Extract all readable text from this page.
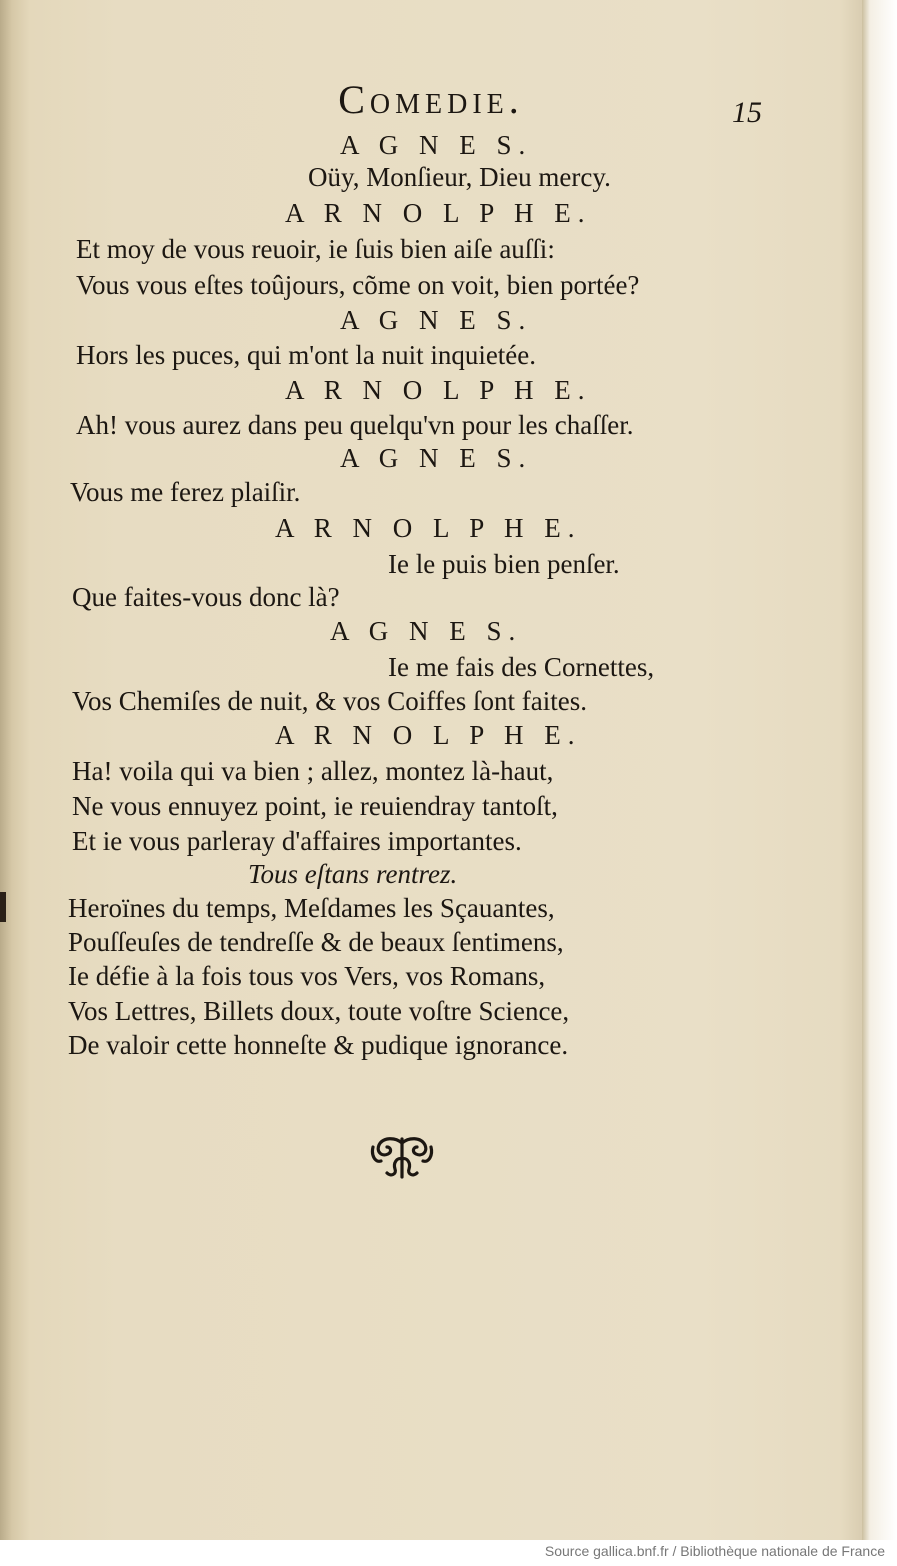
Comedie.	15
A G N E S.
Oüy, Monſieur, Dieu mercy.
A R N O L P H E.
Et moy de vous reuoir, ie ſuis bien aiſe auſſi:
Vous vous eſtes toûjours, cõme on voit, bien portée?
A G N E S.
Hors les puces, qui m'ont la nuit inquietée.
A R N O L P H E.
Ah! vous aurez dans peu quelqu'vn pour les chaſſer.
A G N E S.
Vous me ferez plaiſir.
A R N O L P H E.
Ie le puis bien penſer.
Que faites-vous donc là?
A G N E S.
Ie me fais des Cornettes,
Vos Chemiſes de nuit, & vos Coiffes ſont faites.
A R N O L P H E.
Ha! voila qui va bien ; allez, montez là-haut,
Ne vous ennuyez point, ie reuiendray tantoſt,
Et ie vous parleray d'affaires importantes.
Tous eſtans rentrez.
Heroïnes du temps, Meſdames les Sçauantes,
Pouſſeuſes de tendreſſe & de beaux ſentimens,
Ie défie à la fois tous vos Vers, vos Romans,
Vos Lettres, Billets doux, toute voſtre Science,
De valoir cette honneſte & pudique ignorance.
Source gallica.bnf.fr / Bibliothèque nationale de France
